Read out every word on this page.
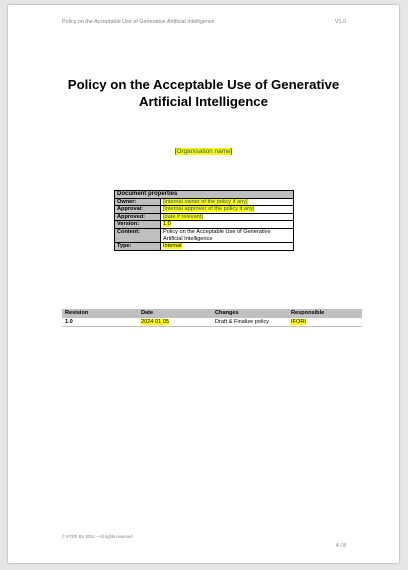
Policy on the Acceptable Use of Generative Artificial Intelligence	V1.0
Policy on the Acceptable Use of Generative
Artificial Intelligence
[Organisation name]
Document properties	
Owner:	[internal owner of the policy if any]
Approval:	[internal approver of the policy if any]
Approved:	[date if relevant]
Version:	1.0
Content:	Policy on the Acceptable Use of Generative Artificial Intelligence
Type:	Internal
Revision	Date	Changes	Responsible
1.0	2024 01 05	Draft & Finalize policy	IFORI
© IFORI BV 2024 – All rights reserved
4 / 8
